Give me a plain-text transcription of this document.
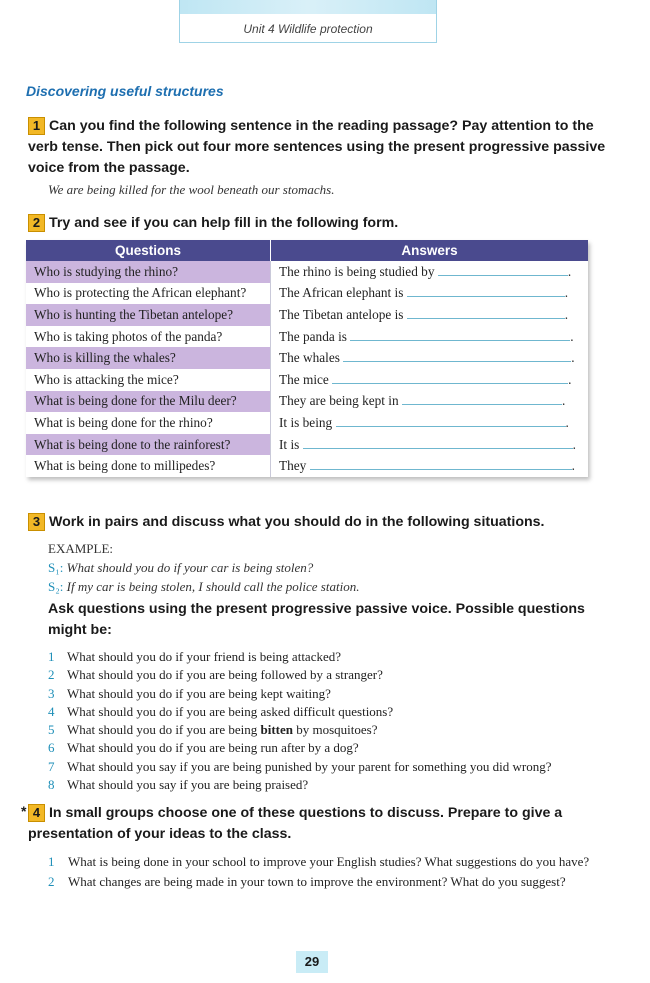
Unit 4 Wildlife protection
Discovering useful structures
1 Can you find the following sentence in the reading passage? Pay attention to the verb tense. Then pick out four more sentences using the present progressive passive voice from the passage.
We are being killed for the wool beneath our stomachs.
2 Try and see if you can help fill in the following form.
Questions	Answers
Who is studying the rhino?	The rhino is being studied by .
Who is protecting the African elephant?	The African elephant is .
Who is hunting the Tibetan antelope?	The Tibetan antelope is .
Who is taking photos of the panda?	The panda is .
Who is killing the whales?	The whales .
Who is attacking the mice?	The mice .
What is being done for the Milu deer?	They are being kept in .
What is being done for the rhino?	It is being .
What is being done to the rainforest?	It is .
What is being done to millipedes?	They .
3 Work in pairs and discuss what you should do in the following situations.
EXAMPLE:
S₁: What should you do if your car is being stolen?
S₂: If my car is being stolen, I should call the police station.
Ask questions using the present progressive passive voice. Possible questions might be:
1 What should you do if your friend is being attacked?
2 What should you do if you are being followed by a stranger?
3 What should you do if you are being kept waiting?
4 What should you do if you are being asked difficult questions?
5 What should you do if you are being bitten by mosquitoes?
6 What should you do if you are being run after by a dog?
7 What should you say if you are being punished by your parent for something you did wrong?
8 What should you say if you are being praised?
* 4 In small groups choose one of these questions to discuss. Prepare to give a presentation of your ideas to the class.
1 What is being done in your school to improve your English studies? What suggestions do you have?
2 What changes are being made in your town to improve the environment? What do you suggest?
29
